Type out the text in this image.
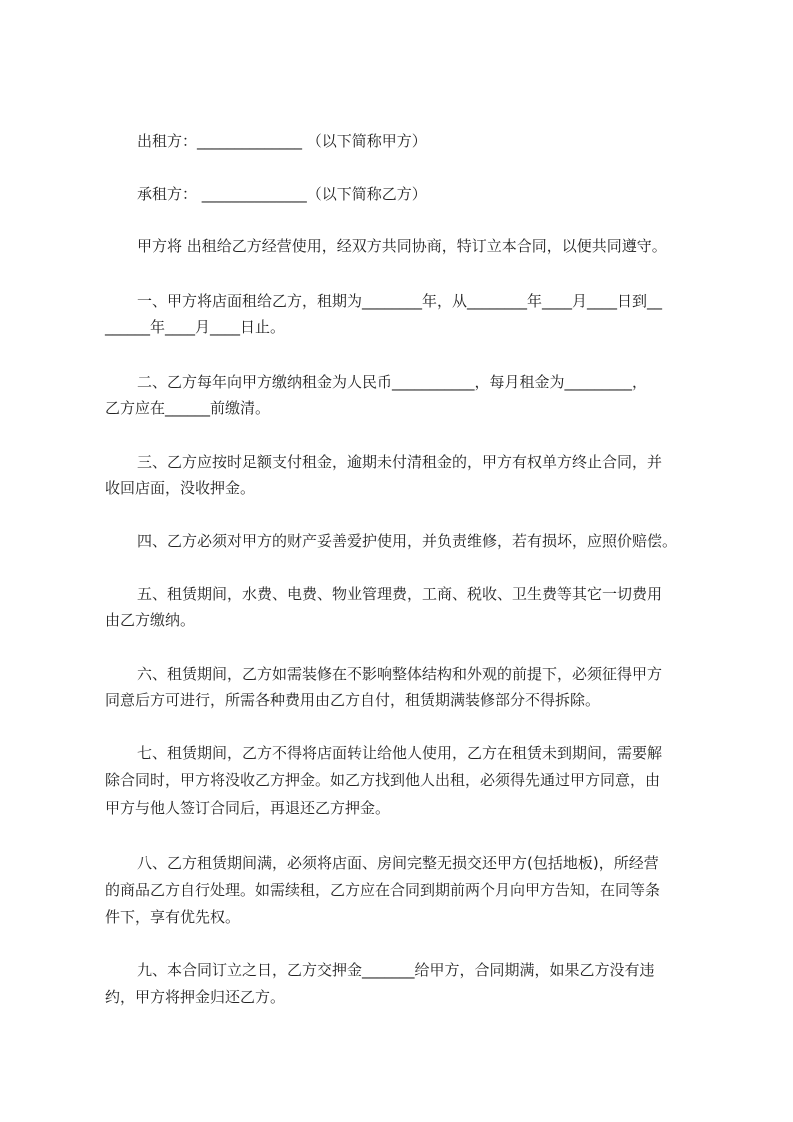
出租方：______________ （以下简称甲方）
承租方： ______________（以下简称乙方）
甲方将 出租给乙方经营使用，经双方共同协商，特订立本合同，以便共同遵守。
一、甲方将店面租给乙方，租期为________年，从________年____月____日到__
______年____月____日止。
二、乙方每年向甲方缴纳租金为人民币___________，每月租金为_________，
乙方应在______前缴清。
三、乙方应按时足额支付租金，逾期未付清租金的，甲方有权单方终止合同，并
收回店面，没收押金。
四、乙方必须对甲方的财产妥善爱护使用，并负责维修，若有损坏，应照价赔偿。
五、租赁期间，水费、电费、物业管理费，工商、税收、卫生费等其它一切费用
由乙方缴纳。
六、租赁期间，乙方如需装修在不影响整体结构和外观的前提下，必须征得甲方
同意后方可进行，所需各种费用由乙方自付，租赁期满装修部分不得拆除。
七、租赁期间，乙方不得将店面转让给他人使用，乙方在租赁未到期间，需要解
除合同时，甲方将没收乙方押金。如乙方找到他人出租，必须得先通过甲方同意，由
甲方与他人签订合同后，再退还乙方押金。
八、乙方租赁期间满，必须将店面、房间完整无损交还甲方(包括地板)，所经营
的商品乙方自行处理。如需续租，乙方应在合同到期前两个月向甲方告知，在同等条
件下，享有优先权。
九、本合同订立之日，乙方交押金_______给甲方，合同期满，如果乙方没有违
约，甲方将押金归还乙方。
